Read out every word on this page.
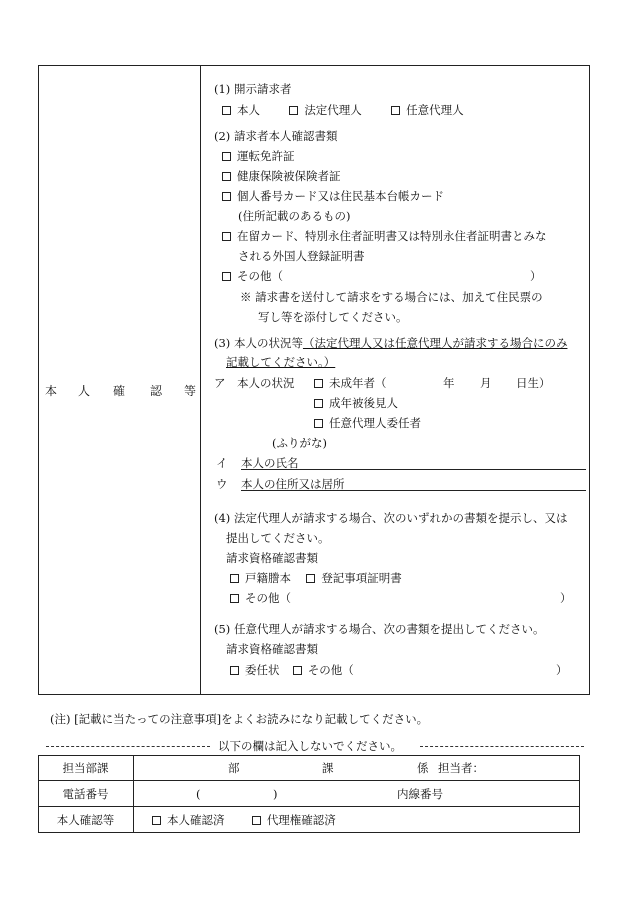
本 人 確 認 等
(1) 開示請求者
本人	法定代理人	任意代理人
(2) 請求者本人確認書類
運転免許証
健康保険被保険者証
個人番号カード又は住民基本台帳カード
(住所記載のあるもの)
在留カード、特別永住者証明書又は特別永住者証明書とみな
される外国人登録証明書
その他（	）
※ 請求書を送付して請求をする場合には、加えて住民票の
写し等を添付してください。
(3) 本人の状況等（法定代理人又は任意代理人が請求する場合にのみ
記載してください。）
ア　本人の状況	未成年者（	年 月 日生）
成年被後見人
任意代理人委任者
(ふりがな)
イ 本人の氏名
ウ 本人の住所又は居所
(4) 法定代理人が請求する場合、次のいずれかの書類を提示し、又は
提出してください。
請求資格確認書類
戸籍謄本	登記事項証明書
その他（	）
(5) 任意代理人が請求する場合、次の書類を提出してください。
請求資格確認書類
委任状 その他（	）
(注) [記載に当たっての注意事項]をよくお読みになり記載してください。
以下の欄は記入しないでください。
担当部課	部	課	係 担当者：
電話番号	(	)	内線番号
本人確認等	本人確認済	代理権確認済
